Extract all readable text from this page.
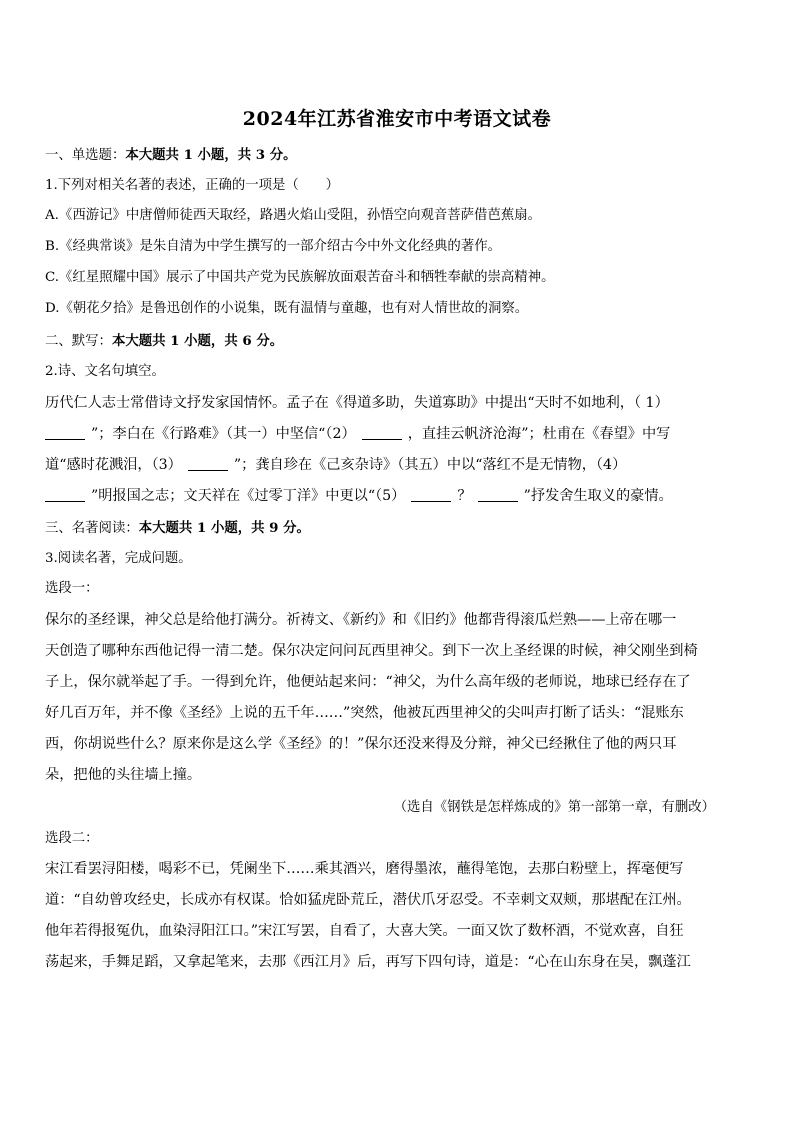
2024年江苏省淮安市中考语文试卷
一、单选题：本大题共 1 小题，共 3 分。
1.下列对相关名著的表述，正确的一项是（　　）
A.《西游记》中唐僧师徒西天取经，路遇火焰山受阻，孙悟空向观音菩萨借芭蕉扇。
B.《经典常谈》是朱自清为中学生撰写的一部介绍古今中外文化经典的著作。
C.《红星照耀中国》展示了中国共产党为民族解放面艰苦奋斗和牺牲奉献的崇高精神。
D.《朝花夕拾》是鲁迅创作的小说集，既有温情与童趣，也有对人情世故的洞察。
二、默写：本大题共 1 小题，共 6 分。
2.诗、文名句填空。
历代仁人志士常借诗文抒发家国情怀。孟子在《得道多助，失道寡助》中提出“天时不如地利，（ 1）
”；李白在《行路难》（其一）中坚信“（2）	，直挂云帆济沧海”；杜甫在《春望》中写
道“感时花溅泪，（3）	”；龚自珍在《己亥杂诗》（其五）中以“落红不是无情物，（4）
”明报国之志；文天祥在《过零丁洋》中更以“（5）	？	”抒发舍生取义的豪情。
三、名著阅读：本大题共 1 小题，共 9 分。
3.阅读名著，完成问题。
选段一：
保尔的圣经课，神父总是给他打满分。祈祷文、《新约》和《旧约》他都背得滚瓜烂熟——上帝在哪一
天创造了哪种东西他记得一清二楚。保尔决定问问瓦西里神父。到下一次上圣经课的时候，神父刚坐到椅
子上，保尔就举起了手。一得到允许，他便站起来问：“神父，为什么高年级的老师说，地球已经存在了
好几百万年，并不像《圣经》上说的五千年……”突然，他被瓦西里神父的尖叫声打断了话头：“混账东
西，你胡说些什么？原来你是这么学《圣经》的！”保尔还没来得及分辩，神父已经揪住了他的两只耳
朵，把他的头往墙上撞。
（选自《钢铁是怎样炼成的》第一部第一章，有删改）
选段二：
宋江看罢浔阳楼，喝彩不已，凭阑坐下……乘其酒兴，磨得墨浓，蘸得笔饱，去那白粉壁上，挥毫便写
道：“自幼曾攻经史，长成亦有权谋。恰如猛虎卧荒丘，潜伏爪牙忍受。不幸刺文双颊，那堪配在江州。
他年若得报冤仇，血染浔阳江口。”宋江写罢，自看了，大喜大笑。一面又饮了数杯酒，不觉欢喜，自狂
荡起来，手舞足蹈，又拿起笔来，去那《西江月》后，再写下四句诗，道是：“心在山东身在吴，飘蓬江
